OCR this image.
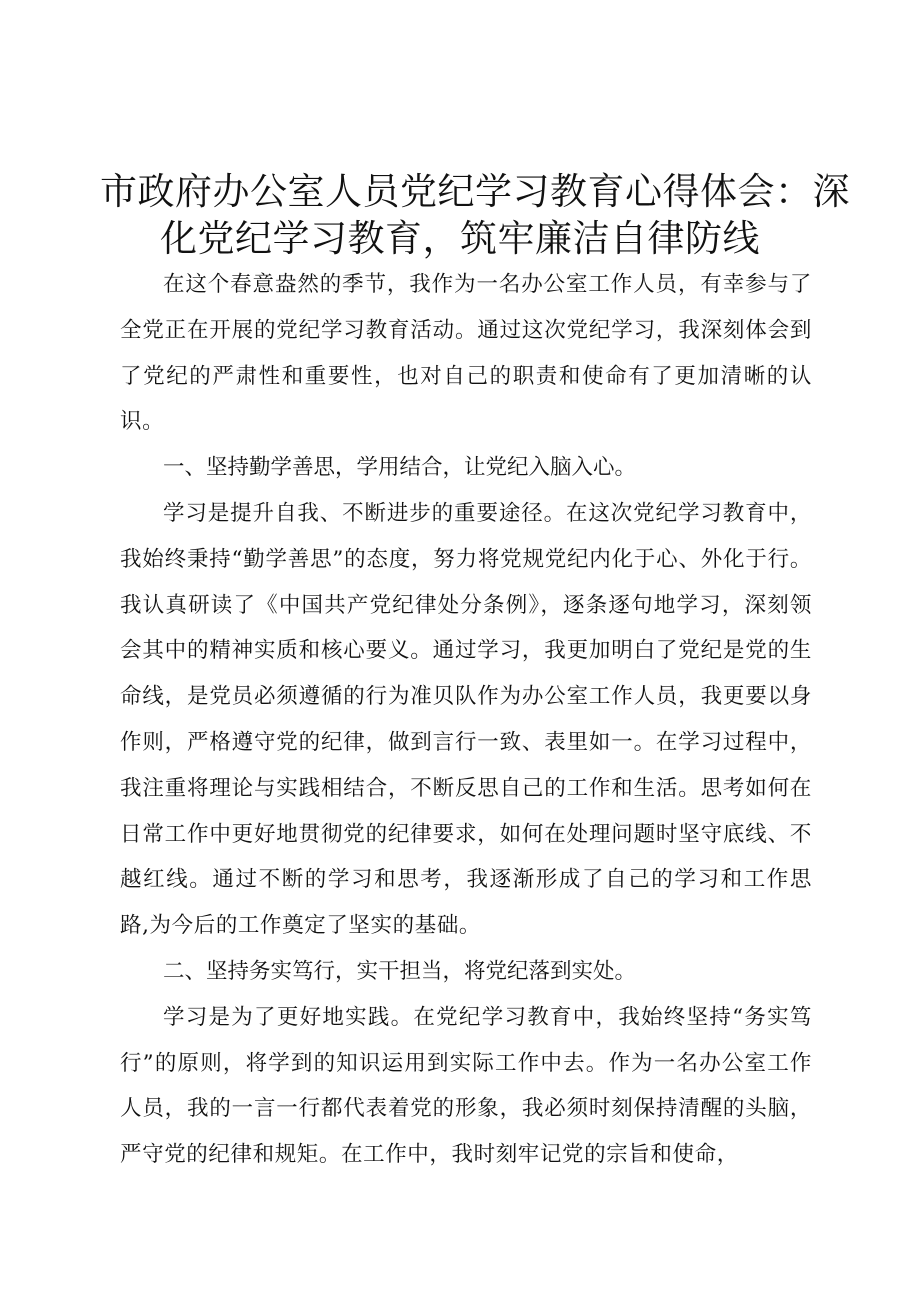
市政府办公室人员党纪学习教育心得体会：深
化党纪学习教育，筑牢廉洁自律防线

在这个春意盎然的季节，我作为一名办公室工作人员，有幸参与了全党正在开展的党纪学习教育活动。通过这次党纪学习，我深刻体会到了党纪的严肃性和重要性，也对自己的职责和使命有了更加清晰的认识。

一、坚持勤学善思，学用结合，让党纪入脑入心。

学习是提升自我、不断进步的重要途径。在这次党纪学习教育中，我始终秉持“勤学善思”的态度，努力将党规党纪内化于心、外化于行。我认真研读了《中国共产党纪律处分条例》，逐条逐句地学习，深刻领会其中的精神实质和核心要义。通过学习，我更加明白了党纪是党的生命线，是党员必须遵循的行为准贝队作为办公室工作人员，我更要以身作则，严格遵守党的纪律，做到言行一致、表里如一。在学习过程中，我注重将理论与实践相结合，不断反思自己的工作和生活。思考如何在日常工作中更好地贯彻党的纪律要求，如何在处理问题时坚守底线、不越红线。通过不断的学习和思考，我逐渐形成了自己的学习和工作思路,为今后的工作奠定了坚实的基础。

二、坚持务实笃行，实干担当，将党纪落到实处。

学习是为了更好地实践。在党纪学习教育中，我始终坚持“务实笃行”的原则，将学到的知识运用到实际工作中去。作为一名办公室工作人员，我的一言一行都代表着党的形象，我必须时刻保持清醒的头脑，严守党的纪律和规矩。在工作中，我时刻牢记党的宗旨和使命，
